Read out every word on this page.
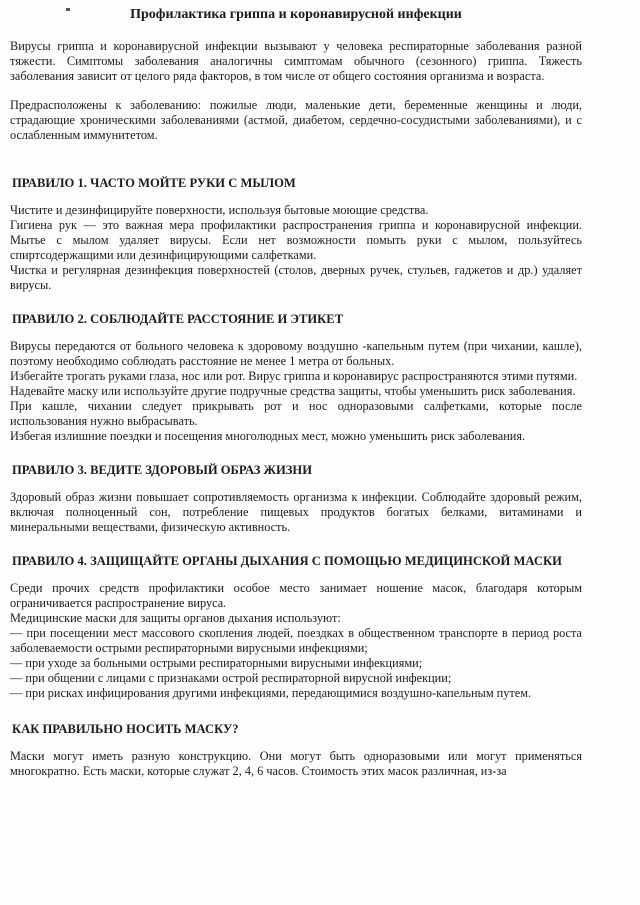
Профилактика гриппа и коронавирусной инфекции

Вирусы гриппа и коронавирусной инфекции вызывают у человека респираторные заболевания разной тяжести. Симптомы заболевания аналогичны симптомам обычного (сезонного) гриппа. Тяжесть заболевания зависит от целого ряда факторов, в том числе от общего состояния организма и возраста.

Предрасположены к заболеванию: пожилые люди, маленькие дети, беременные женщины и люди, страдающие хроническими заболеваниями (астмой, диабетом, сердечно-сосудистыми заболеваниями), и с ослабленным иммунитетом.

ПРАВИЛО 1. ЧАСТО МОЙТЕ РУКИ С МЫЛОМ

Чистите и дезинфицируйте поверхности, используя бытовые моющие средства.

Гигиена рук — это важная мера профилактики распространения гриппа и коронавирусной инфекции. Мытье с мылом удаляет вирусы. Если нет возможности помыть руки с мылом, пользуйтесь спиртсодержащими или дезинфицирующими салфетками.

Чистка и регулярная дезинфекция поверхностей (столов, дверных ручек, стульев, гаджетов и др.) удаляет вирусы.

ПРАВИЛО 2. СОБЛЮДАЙТЕ РАССТОЯНИЕ И ЭТИКЕТ

Вирусы передаются от больного человека к здоровому воздушно -капельным путем (при чихании, кашле), поэтому необходимо соблюдать расстояние не менее 1 метра от больных.

Избегайте трогать руками глаза, нос или рот. Вирус гриппа и коронавирус распространяются этими путями.

Надевайте маску или используйте другие подручные средства защиты, чтобы уменьшить риск заболевания.

При кашле, чихании следует прикрывать рот и нос одноразовыми салфетками, которые после использования нужно выбрасывать.

Избегая излишние поездки и посещения многолюдных мест, можно уменьшить риск заболевания.

ПРАВИЛО 3. ВЕДИТЕ ЗДОРОВЫЙ ОБРАЗ ЖИЗНИ

Здоровый образ жизни повышает сопротивляемость организма к инфекции. Соблюдайте здоровый режим, включая полноценный сон, потребление пищевых продуктов богатых белками, витаминами и минеральными веществами, физическую активность.

ПРАВИЛО 4. ЗАЩИЩАЙТЕ ОРГАНЫ ДЫХАНИЯ С ПОМОЩЬЮ МЕДИЦИНСКОЙ МАСКИ

Среди прочих средств профилактики особое место занимает ношение масок, благодаря которым ограничивается распространение вируса.

Медицинские маски для защиты органов дыхания используют:

— при посещении мест массового скопления людей, поездках в общественном транспорте в период роста заболеваемости острыми респираторными вирусными инфекциями;

— при уходе за больными острыми респираторными вирусными инфекциями;

— при общении с лицами с признаками острой респираторной вирусной инфекции;

— при рисках инфицирования другими инфекциями, передающимися воздушно-капельным путем.

КАК ПРАВИЛЬНО НОСИТЬ МАСКУ?

Маски могут иметь разную конструкцию. Они могут быть одноразовыми или могут применяться многократно. Есть маски, которые служат 2, 4, 6 часов. Стоимость этих масок различная, из-за
